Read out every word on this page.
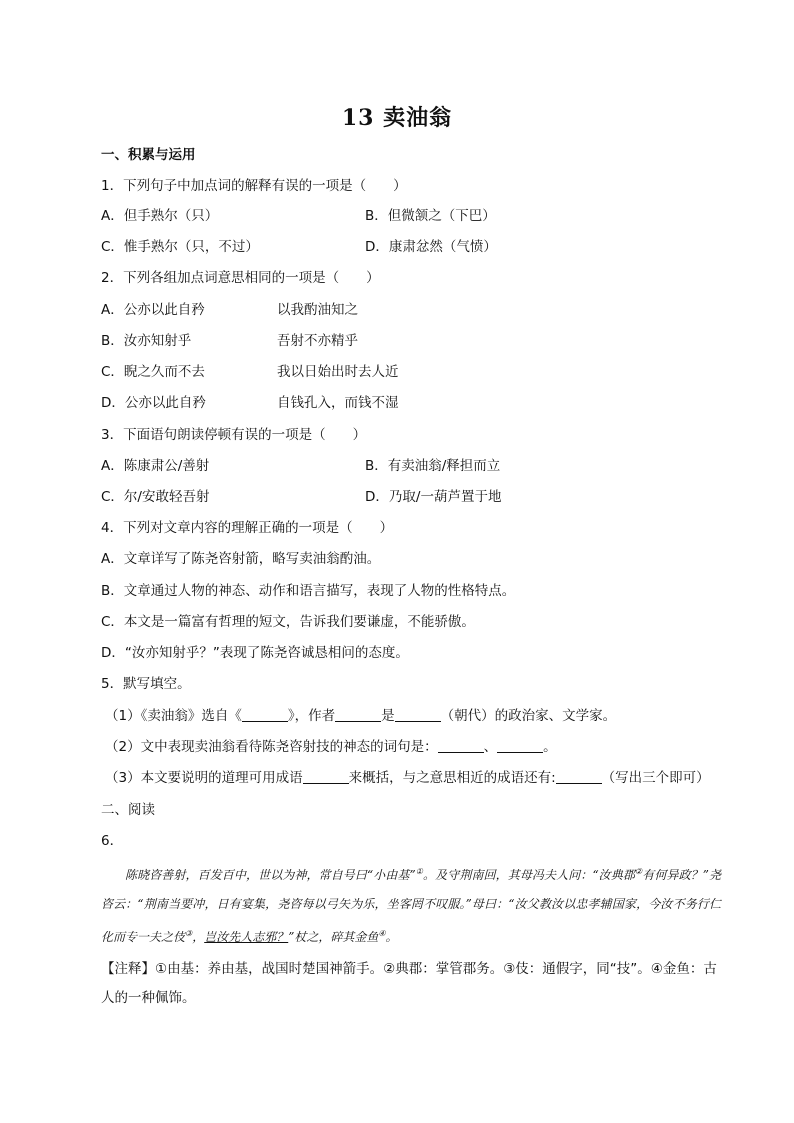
13 卖油翁
一、积累与运用
1．下列句子中加点词的解释有误的一项是（　　）
A．但手熟尔（只）	B．但微颔之（下巴）
C．惟手熟尔（只，不过）	D．康肃忿然（气愤）
2．下列各组加点词意思相同的一项是（　　）
A．公亦以此自矜	以我酌油知之
B．汝亦知射乎	吾射不亦精乎
C．睨之久而不去	我以日始出时去人近
D．公亦以此自矜	自钱孔入，而钱不湿
3．下面语句朗读停顿有误的一项是（　　）
A．陈康肃公/善射	B．有卖油翁/释担而立
C．尔/安敢轻吾射	D．乃取/一葫芦置于地
4．下列对文章内容的理解正确的一项是（　　）
A．文章详写了陈尧咨射箭，略写卖油翁酌油。
B．文章通过人物的神态、动作和语言描写，表现了人物的性格特点。
C．本文是一篇富有哲理的短文，告诉我们要谦虚，不能骄傲。
D．“汝亦知射乎？”表现了陈尧咨诚恳相问的态度。
5．默写填空。
（1）《卖油翁》选自《	》，作者	是	（朝代）的政治家、文学家。
（2）文中表现卖油翁看待陈尧咨射技的神态的词句是：	、	。
（3）本文要说明的道理可用成语	来概括，与之意思相近的成语还有:	（写出三个即可）
二、阅读
6．
陈晓咨善射，百发百中，世以为神，常自号曰“小由基”①。及守荆南回，其母冯夫人问：“汝典郡②有何异政？”尧咨云：“荆南当要冲，日有宴集，尧咨每以弓矢为乐，坐客罔不叹服。”母曰：“汝父教汝以忠孝辅国家，今汝不务行仁化而专一夫之伎③，岂汝先人志邪？”杖之，碎其金鱼④。
【注释】①由基：养由基，战国时楚国神箭手。②典郡：掌管郡务。③伎：通假字，同“技”。④金鱼：古人的一种佩饰。
